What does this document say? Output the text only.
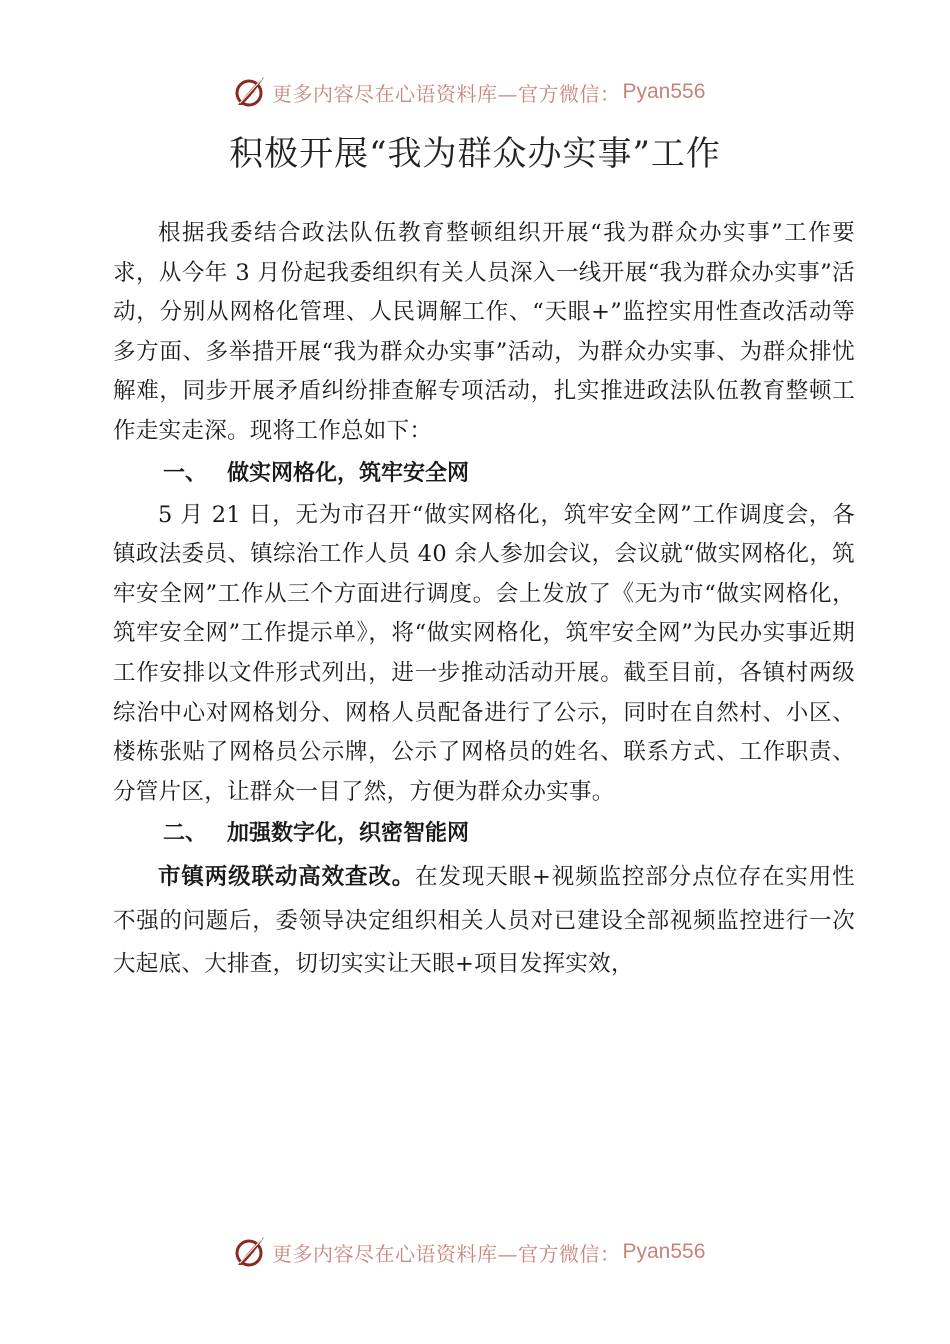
更多内容尽在心语资料库—官方微信： Pyan556
积极开展“我为群众办实事”工作

根据我委结合政法队伍教育整顿组织开展“我为群众办实事”工作要求，从今年 3 月份起我委组织有关人员深入一线开展“我为群众办实事”活动，分别从网格化管理、人民调解工作、“天眼+”监控实用性查改活动等多方面、多举措开展“我为群众办实事”活动，为群众办实事、为群众排忧解难，同步开展矛盾纠纷排查解专项活动，扎实推进政法队伍教育整顿工作走实走深。现将工作总如下：

一、 做实网格化，筑牢安全网

5 月 21 日，无为市召开“做实网格化，筑牢安全网”工作调度会，各镇政法委员、镇综治工作人员 40 余人参加会议，会议就“做实网格化，筑牢安全网”工作从三个方面进行调度。会上发放了《无为市“做实网格化，筑牢安全网”工作提示单》，将“做实网格化，筑牢安全网”为民办实事近期工作安排以文件形式列出，进一步推动活动开展。截至目前，各镇村两级综治中心对网格划分、网格人员配备进行了公示，同时在自然村、小区、楼栋张贴了网格员公示牌，公示了网格员的姓名、联系方式、工作职责、分管片区，让群众一目了然，方便为群众办实事。

二、 加强数字化，织密智能网

市镇两级联动高效查改。在发现天眼+视频监控部分点位存在实用性不强的问题后，委领导决定组织相关人员对已建设全部视频监控进行一次大起底、大排查，切切实实让天眼+项目发挥实效，

更多内容尽在心语资料库—官方微信： Pyan556
